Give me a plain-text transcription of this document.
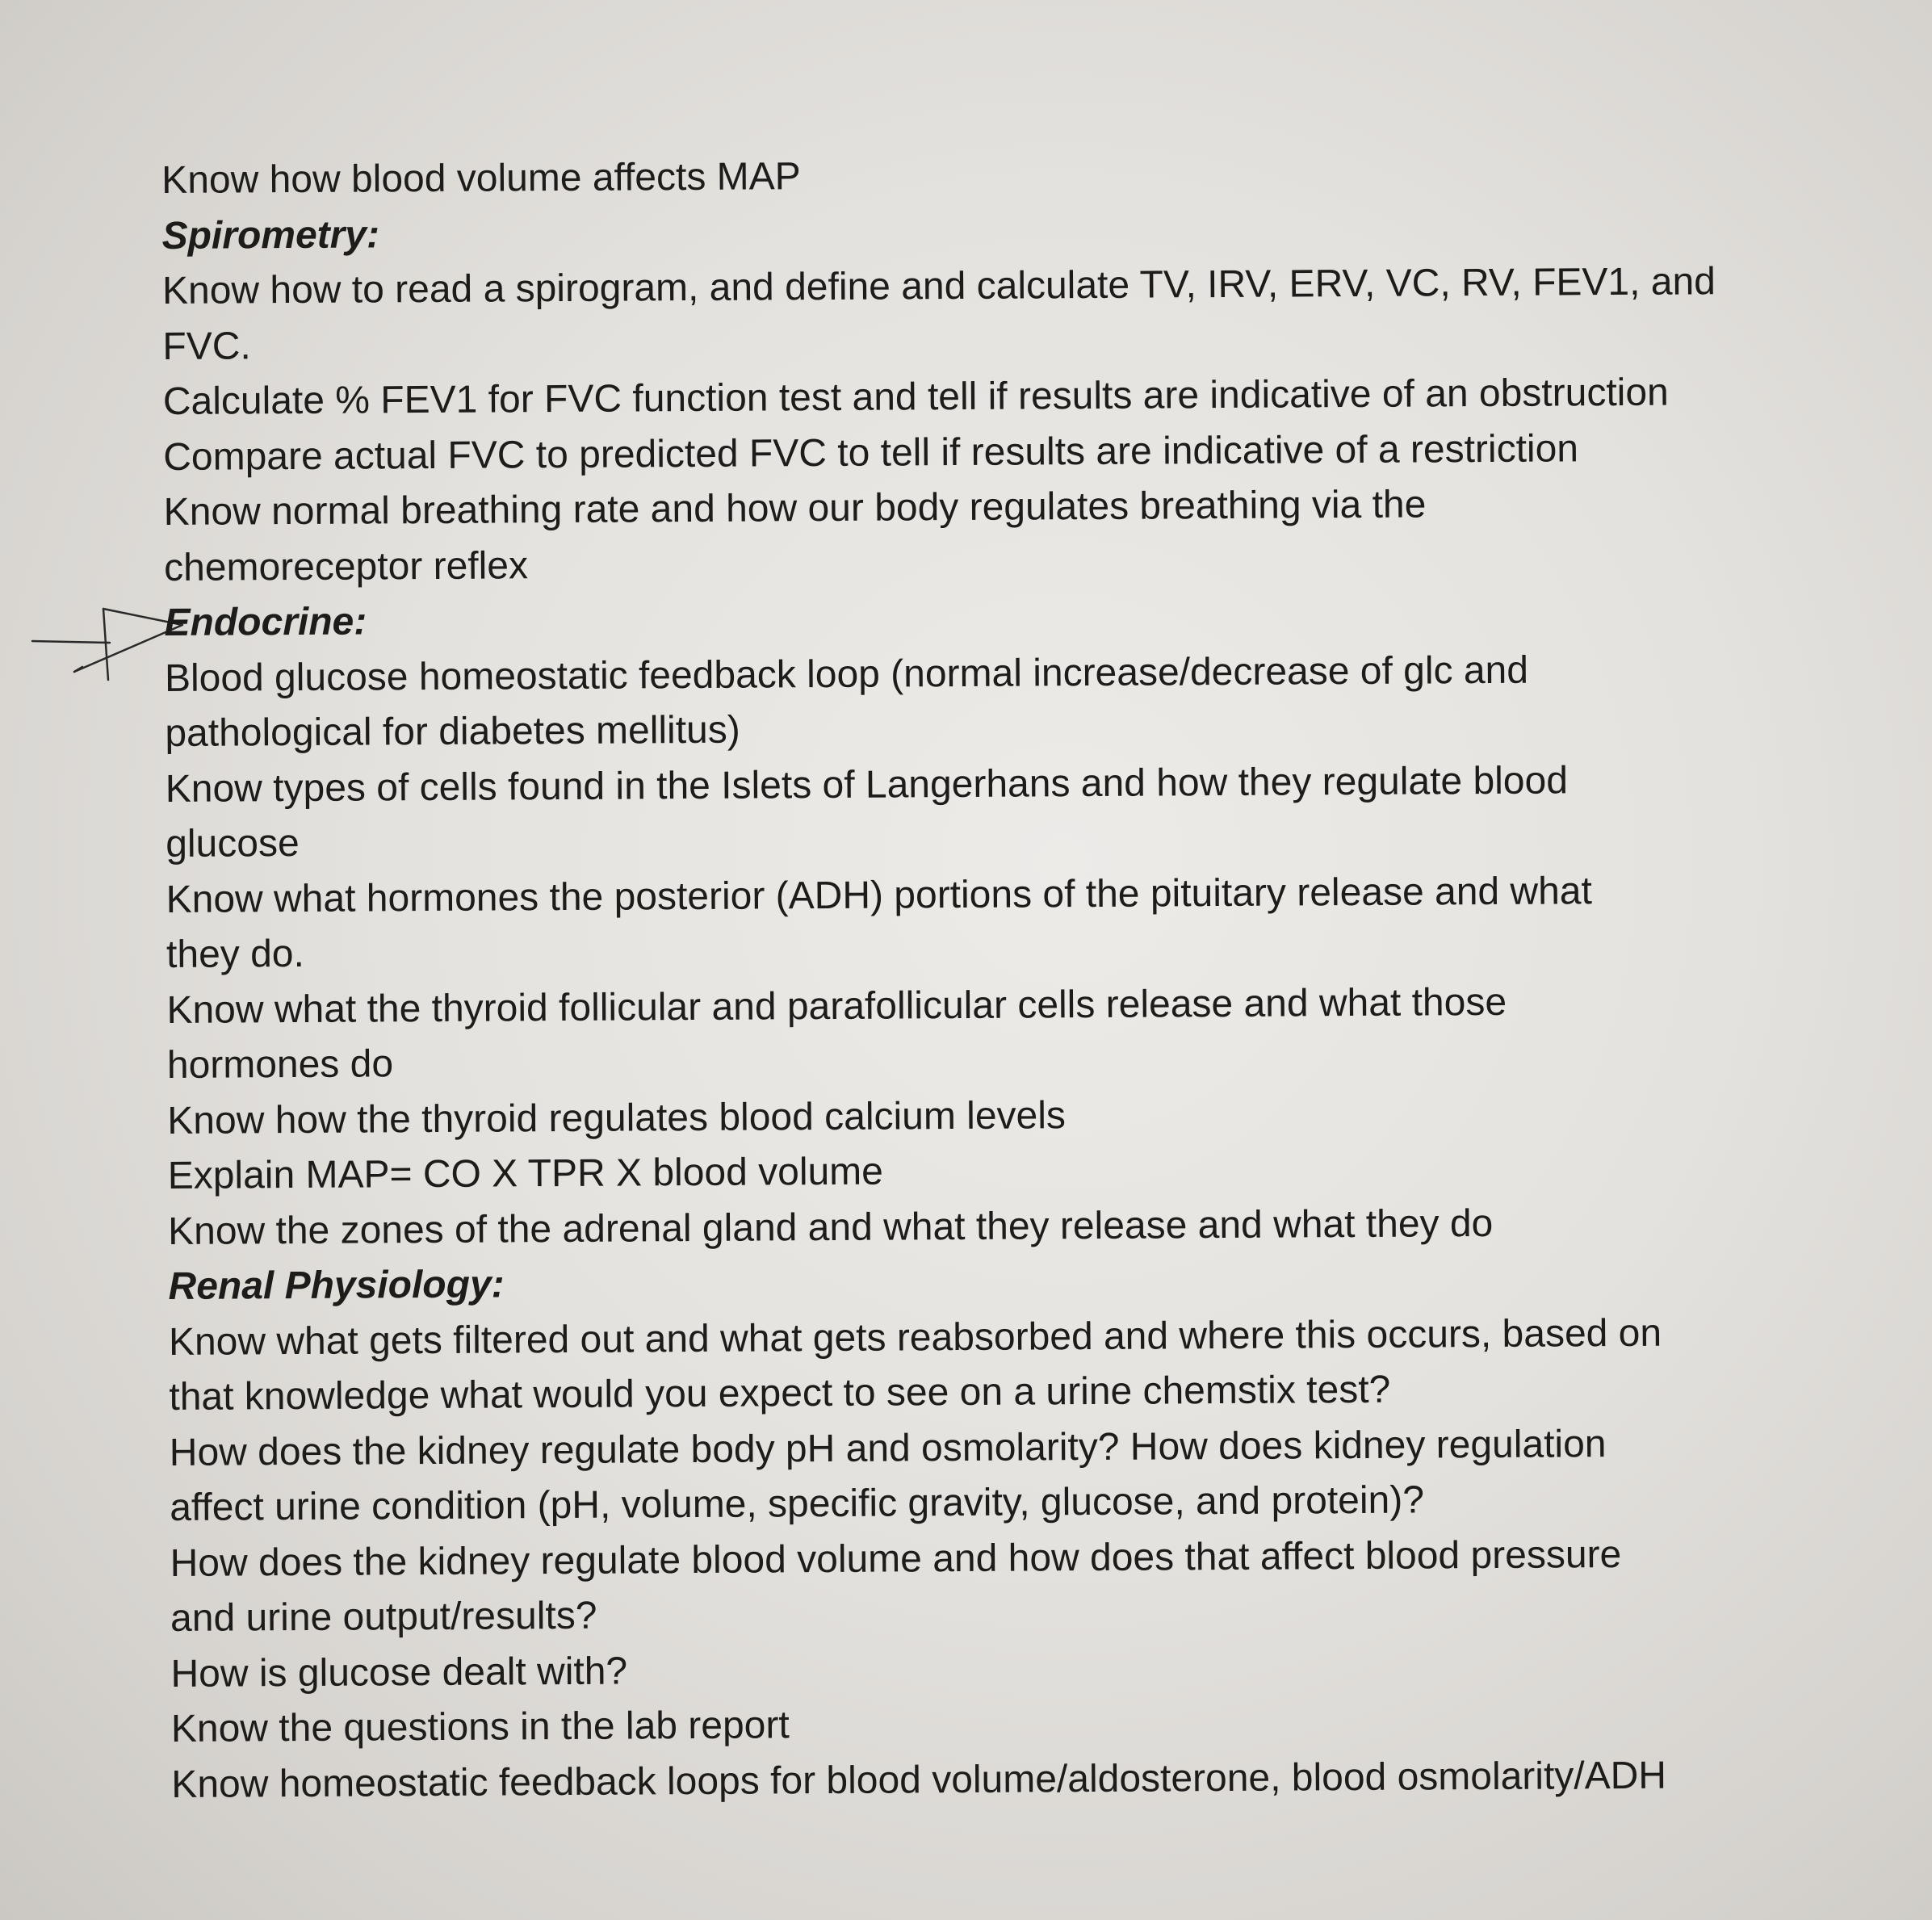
Know how blood volume affects MAP
Spirometry:
Know how to read a spirogram, and define and calculate TV, IRV, ERV, VC, RV, FEV1, and
FVC.
Calculate % FEV1 for FVC function test and tell if results are indicative of an obstruction
Compare actual FVC to predicted FVC to tell if results are indicative of a restriction
Know normal breathing rate and how our body regulates breathing via the
chemoreceptor reflex
Endocrine:
Blood glucose homeostatic feedback loop (normal increase/decrease of glc and
pathological for diabetes mellitus)
Know types of cells found in the Islets of Langerhans and how they regulate blood
glucose
Know what hormones the posterior (ADH) portions of the pituitary release and what
they do.
Know what the thyroid follicular and parafollicular cells release and what those
hormones do
Know how the thyroid regulates blood calcium levels
Explain MAP= CO X TPR X blood volume
Know the zones of the adrenal gland and what they release and what they do
Renal Physiology:
Know what gets filtered out and what gets reabsorbed and where this occurs, based on
that knowledge what would you expect to see on a urine chemstix test?
How does the kidney regulate body pH and osmolarity? How does kidney regulation
affect urine condition (pH, volume, specific gravity, glucose, and protein)?
How does the kidney regulate blood volume and how does that affect blood pressure
and urine output/results?
How is glucose dealt with?
Know the questions in the lab report
Know homeostatic feedback loops for blood volume/aldosterone, blood osmolarity/ADH
